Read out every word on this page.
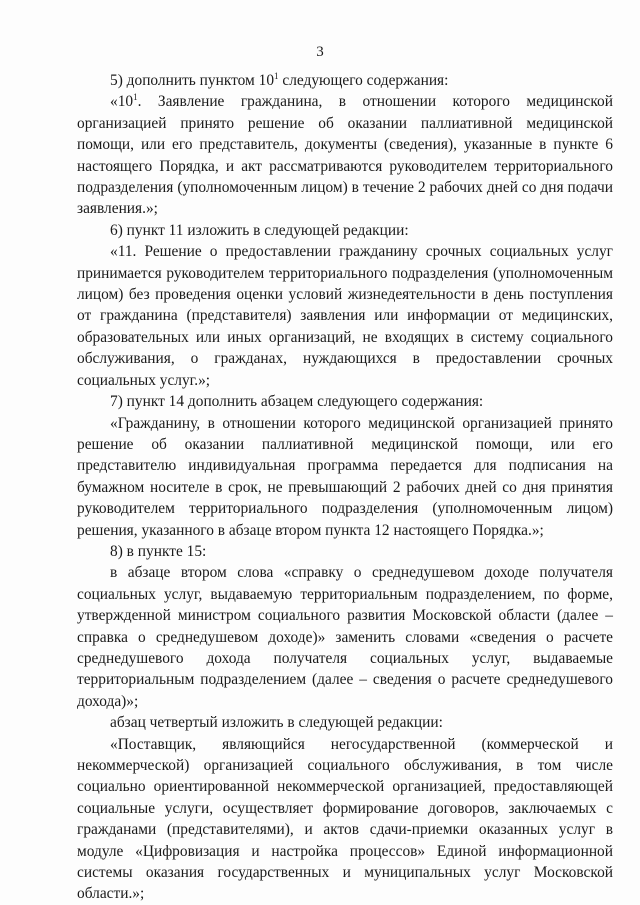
3

5) дополнить пунктом $10^1$ следующего содержания:

«$10^1$. Заявление гражданина, в отношении которого медицинской организацией принято решение об оказании паллиативной медицинской помощи, или его представитель, документы (сведения), указанные в пункте 6 настоящего Порядка, и акт рассматриваются руководителем территориального подразделения (уполномоченным лицом) в течение 2 рабочих дней со дня подачи заявления.»;

6) пункт 11 изложить в следующей редакции:

«11. Решение о предоставлении гражданину срочных социальных услуг принимается руководителем территориального подразделения (уполномоченным лицом) без проведения оценки условий жизнедеятельности в день поступления от гражданина (представителя) заявления или информации от медицинских, образовательных или иных организаций, не входящих в систему социального обслуживания, о гражданах, нуждающихся в предоставлении срочных социальных услуг.»;

7) пункт 14 дополнить абзацем следующего содержания:

«Гражданину, в отношении которого медицинской организацией принято решение об оказании паллиативной медицинской помощи, или его представителю индивидуальная программа передается для подписания на бумажном носителе в срок, не превышающий 2 рабочих дней со дня принятия руководителем территориального подразделения (уполномоченным лицом) решения, указанного в абзаце втором пункта 12 настоящего Порядка.»;

8) в пункте 15:

в абзаце втором слова «справку о среднедушевом доходе получателя социальных услуг, выдаваемую территориальным подразделением, по форме, утвержденной министром социального развития Московской области (далее – справка о среднедушевом доходе)» заменить словами «сведения о расчете среднедушевого дохода получателя социальных услуг, выдаваемые территориальным подразделением (далее – сведения о расчете среднедушевого дохода)»;

абзац четвертый изложить в следующей редакции:

«Поставщик, являющийся негосударственной (коммерческой и некоммерческой) организацией социального обслуживания, в том числе социально ориентированной некоммерческой организацией, предоставляющей социальные услуги, осуществляет формирование договоров, заключаемых с гражданами (представителями), и актов сдачи-приемки оказанных услуг в модуле «Цифровизация и настройка процессов» Единой информационной системы оказания государственных и муниципальных услуг Московской области.»;
